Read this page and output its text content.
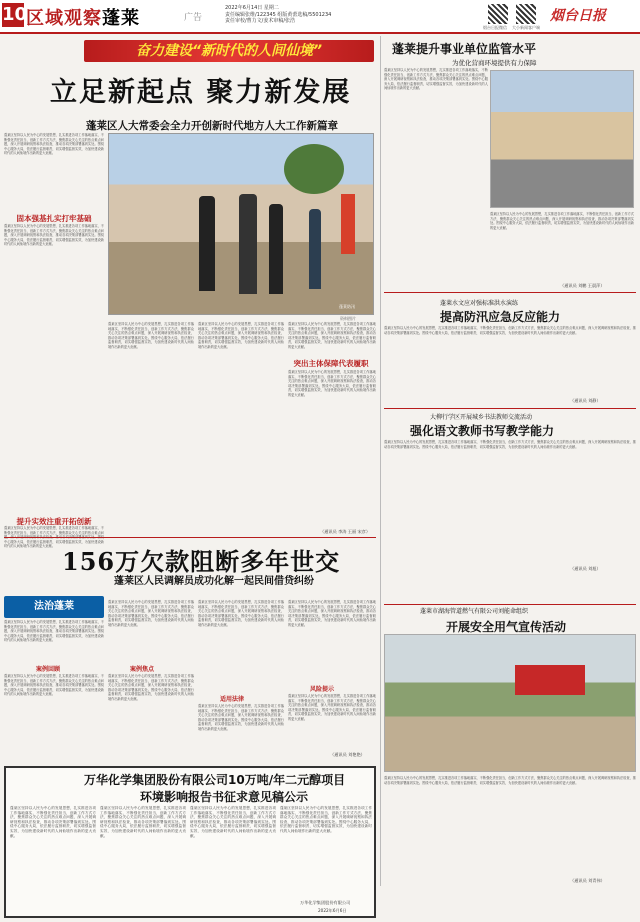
10
区域观察蓬莱	广告
2022年6月14日 星期二
责任编辑张维/122345 组版黄蕾选稿/5501234
责任审校/曹力文/姜术审稿/张浩
烟台日报微信 大小新闻客户端
烟台日报
奋力建设“新时代的人间仙境”
立足新起点 聚力新发展
蓬莱区人大常委会全力开创新时代地方人大工作新篇章
蓬莱区坚持以人民为中心的发展思想，扎实推进各项工作落地落实，不断强化责任担当，创新工作方式方法，聚焦群众关心关注的热点难点问题，深入开展调研视察和执法检查，推动各项决策部署落到实处。围绕中心服务大局，依法履行监督职责，切实增强监督实效，为加快建设新时代的人间仙境作出新的更大贡献。
固本强基扎实打牢基础
蓬莱区坚持以人民为中心的发展思想，扎实推进各项工作落地落实，不断强化责任担当，创新工作方式方法，聚焦群众关心关注的热点难点问题，深入开展调研视察和执法检查，推动各项决策部署落到实处。围绕中心服务大局，依法履行监督职责，切实增强监督实效，为加快建设新时代的人间仙境作出新的更大贡献。
提升实效注重开拓创新
蓬莱区坚持以人民为中心的发展思想，扎实推进各项工作落地落实，不断强化责任担当，创新工作方式方法，聚焦群众关心关注的热点难点问 中心服务大局，依法履行监督职责，切实增强监督实效，为加快建设新时代的人间仙境作出新的更大贡献。
蓬莱防汛
资料图片
蓬莱区坚持以人民为中心的发展思想，扎实推进各项工作落地落实，不断强化责任担当，创新工作方式方法，聚焦群众关心关注的热点难点问题，深入开展调研视察和执法检查，推动各项决策部署落到实处。围绕中心服务大局，依法履行监督职责，切实增强监督实效，为加快建设新时代的人间仙境作出新的更大贡献。
蓬莱区坚持以人民为中心的发展思想，扎实推进各项工作落地落实，不断强化责任担当，创新工作方式方法，聚焦群众关心关注的热点难点问题，深入开展调研视察和执法检查，推动各项决策部署落到实处。围绕中心服务大局，依法履行监督职责，切实增强监督实效，为加快建设新时代的人间仙境作出新的更大贡献。
突出主体保障代表履职
蓬莱区坚持以人民为中心的发展思想，扎实推进各项工作落地落实，不断强化责任担当，创新工作方式方法，聚焦群众关心关注的热点难点问题，深入开展调研视察和执法检查，推动各项决策部署落到实处。围绕中心服务大局，依法履行监督职责，切实增强监督实效，为加快建设新时代的人间仙境作出新的更大贡献。
蓬莱区坚持以人民为中心的发展思想，扎实推进各项工作落地落实，不断强化责任担当，创新工作方式方法，聚焦群众关心关注的热点难点问题，深入开展调研视察和执法检查，推动各项决策部署落到实处。围绕中心服务大局，依法履行监督职责，切实增强监督实效，为加快建设新时代的人间仙境作出新的更大贡献。
（通讯员 李涛 王丽 宋彦）
蓬莱提升事业单位监管水平
为优化营商环境提供有力保障
蓬莱区坚持以人民为中心的发展思想，扎实推进各项工作落地落实，不断强化责任担当，创新工作方式方法，聚焦群众关心关注的热点难点问题，深入开展调研视察和执法检查，推动各项决策部署落到实处。围绕中心服务大局，依法履行监督职责，切实增强监督实效，为加快建设新时代的人间仙境作出新的更大贡献。
蓬莱区坚持以人民为中心的发展思想，扎实推进各项工作落地落实，不断强化责任担当，创新工作方式方法，聚焦群众关心关注的热点难点问题，深入开展调研视察和执法检查，推动各项决策部署落到实处。围绕中心服务大局，依法履行监督职责，切实增强监督实效，为加快建设新时代的人间仙境作出新的更大贡献。
（通讯员 刘鹏 王晨萍）
蓬莱水文应对强标准洪水演练
提高防汛应急反应能力
蓬莱区坚持以人民为中心的发展思想，扎实推进各项工作落地落实，不断强化责任担当，创新工作方式方法，聚焦群众关心关注的热点难点问题，深入开展调研视察和执法检查，推动各项决策部署落到实处。围绕中心服务大局，依法履行监督职责，切实增强监督实效，为加快建设新时代的人间仙境作出新的更大贡献。
（通讯员 刘静）
大柳行学区开展城乡书法教师交流活动
强化语文教师书写教学能力
蓬莱区坚持以人民为中心的发展思想，扎实推进各项工作落地落实，不断强化责任担当，创新工作方式方法，聚焦群众关心关注的热点难点问题，深入开展调研视察和执法检查，推动各项决策部署落到实处。围绕中心服务大局，依法履行监督职责，切实增强监督实效，为加快建设新时代的人间仙境作出新的更大贡献。
（通讯员 刘旭）
蓬莱市湖海管道燃气有限公司刘能命组织
开展安全用气宣传活动
蓬莱区坚持以人民为中心的发展思想，扎实推进各项工作落地落实，不断强化责任担当，创新工作方式方法，聚焦群众关心关注的热点难点问题，深入开展调研视察和执法检查，推动各项决策部署落到实处。围绕中心服务大局，依法履行监督职责，切实增强监督实效，为加快建设新时代的人间仙境作出新的更大贡献。
（通讯员 刘青伟）
156万欠款阻断多年世交
蓬莱区人民调解员成功化解一起民间借贷纠纷
法治蓬莱
蓬莱区坚持以人民为中心的发展思想，扎实推进各项工作落地落实，不断强化责任担当，创新工作方式方法，聚焦群众关心关注的热点难点问题，深入开展调研视察和执法检查，推动各项决策部署落到实处。围绕中心服务大局，依法履行监督职责，切实增强监督实效，为加快建设新时代的人间仙境作出新的更大贡献。
案例回顾
蓬莱区坚持以人民为中心的发展思想，扎实推进各项工作落地落实，不断强化责任担当，创新工作方式方法，聚焦群众关心关注的热点难点问题，深入开展调研视察和执法检查，推动各项决策部署落到实处。围绕中心服务大局，依法履行监督职责，切实增强监督实效，为加快建设新时代的人间仙境作出新的更大贡献。
蓬莱区坚持以人民为中心的发展思想，扎实推进各项工作落地落实，不断强化责任担当，创新工作方式方法，聚焦群众关心关注的热点难点问题，深入开展调研视察和执法检查，推动各项决策部署落到实处。围绕中心服务大局，依法履行监督职责，切实增强监督实效，为加快建设新时代的人间仙境作出新的更大贡献。
案例焦点
蓬莱区坚持以人民为中心的发展思想，扎实推进各项工作落地落实，不断强化责任担当，创新工作方式方法，聚焦群众关心关注的热点难点问题，深入开展调研视察和执法检查，推动各项决策部署落到实处。围绕中心服务大局，依法履行监督职责，切实增强监督实效，为加快建设新时代的人间仙境作出新的更大贡献。
蓬莱区坚持以人民为中心的发展思想，扎实推进各项工作落地落实，不断强化责任担当，创新工作方式方法，聚焦群众关心关注的热点难点问题，深入开展调研视察和执法检查，推动各项决策部署落到实处。围绕中心服务大局，依法履行监督职责，切实增强监督实效，为加快建设新时代的人间仙境作出新的更大贡献。
适用法律
蓬莱区坚持以人民为中心的发展思想，扎实推进各项工作落地落实，不断强化责任担当，创新工作方式方法，聚焦群众关心关注的热点难点问题，深入开展调研视察和执法检查，推动各项决策部署落到实处。围绕中心服务大局，依法履行监督职责，切实增强监督实效，为加快建设新时代的人间仙境作出新的更大贡献。
蓬莱区坚持以人民为中心的发展思想，扎实推进各项工作落地落实，不断强化责任担当，创新工作方式方法，聚焦群众关心关注的热点难点问题，深入开展调研视察和执法检查，推动各项决策部署落到实处。围绕中心服务大局，依法履行监督职责，切实增强监督实效，为加快建设新时代的人间仙境作出新的更大贡献。
风险提示
蓬莱区坚持以人民为中心的发展思想，扎实推进各项工作落地落实，不断强化责任担当，创新工作方式方法，聚焦群众关心关注的热点难点问题，深入开展调研视察和执法检查，推动各项决策部署落到实处。围绕中心服务大局，依法履行监督职责，切实增强监督实效，为加快建设新时代的人间仙境作出新的更大贡献。
（通讯员 刘艳艳）
万华化学集团股份有限公司10万吨/年二元醇项目
环境影响报告书征求意见稿公示
蓬莱区坚持以人民为中心的发展思想，扎实推进各项工作落地落实，不断强化责任担当，创新工作方式方法，聚焦群众关心关注的热点难点问题，深入开展调研视察和执法检查，推动各项决策部署落到实处。围绕中心服务大局，依法履行监督职责，切实增强监督实效，为加快建设新时代的人间仙境作出新的更大贡献。
蓬莱区坚持以人民为中心的发展思想，扎实推进各项工作落地落实，不断强化责任担当，创新工作方式方法，聚焦群众关心关注的热点难点问题，深入开展调研视察和执法检查，推动各项决策部署落到实处。围绕中心服务大局，依法履行监督职责，切实增强监督实效，为加快建设新时代的人间仙境作出新的更大贡献。
蓬莱区坚持以人民为中心的发展思想，扎实推进各项工作落地落实，不断强化责任担当，创新工作方式方法，聚焦群众关心关注的热点难点问题，深入开展调研视察和执法检查，推动各项决策部署落到实处。围绕中心服务大局，依法履行监督职责，切实增强监督实效，为加快建设新时代的人间仙境作出新的更大贡献。
蓬莱区坚持以人民为中心的发展思想，扎实推进各项工作落地落实，不断强化责任担当，创新工作方式方法，聚焦群众关心关注的热点难点问题，深入开展调研视察和执法检查，推动各项决策部署落到实处。围绕中心服务大局，依法履行监督职责，切实增强监督实效，为加快建设新时代的人间仙境作出新的更大贡献。
万华化学集团股份有限公司
2022年6月6日
